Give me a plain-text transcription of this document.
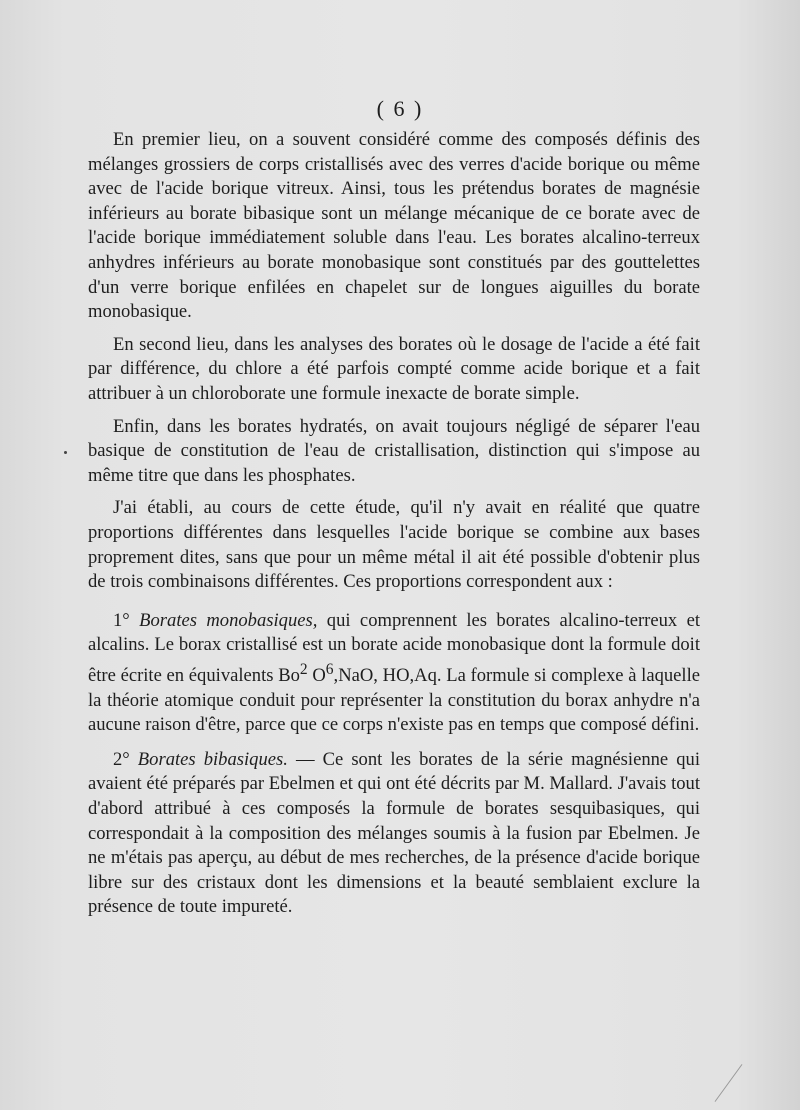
( 6 )

En premier lieu, on a souvent considéré comme des composés définis des mélanges grossiers de corps cristallisés avec des verres d'acide borique ou même avec de l'acide borique vitreux. Ainsi, tous les prétendus borates de magnésie inférieurs au borate bibasique sont un mélange mécanique de ce borate avec de l'acide borique immédiatement soluble dans l'eau. Les borates alcalino-terreux anhydres inférieurs au borate monobasique sont constitués par des gouttelettes d'un verre borique enfilées en chapelet sur de longues aiguilles du borate monobasique.

En second lieu, dans les analyses des borates où le dosage de l'acide a été fait par différence, du chlore a été parfois compté comme acide borique et a fait attribuer à un chloroborate une formule inexacte de borate simple.

Enfin, dans les borates hydratés, on avait toujours négligé de séparer l'eau basique de constitution de l'eau de cristallisation, distinction qui s'impose au même titre que dans les phosphates.

J'ai établi, au cours de cette étude, qu'il n'y avait en réalité que quatre proportions différentes dans lesquelles l'acide borique se combine aux bases proprement dites, sans que pour un même métal il ait été possible d'obtenir plus de trois combinaisons différentes. Ces proportions correspondent aux :

1° Borates monobasiques, qui comprennent les borates alcalino-terreux et alcalins. Le borax cristallisé est un borate acide monobasique dont la formule doit être écrite en équivalents Bo$^2$ $O^6,NaO$, HO,Aq. La formule si complexe à laquelle la théorie atomique conduit pour représenter la constitution du borax anhydre n'a aucune raison d'être, parce que ce corps n'existe pas en temps que composé défini.

2° Borates bibasiques. — Ce sont les borates de la série magnésienne qui avaient été préparés par Ebelmen et qui ont été décrits par M. Mallard. J'avais tout d'abord attribué à ces composés la formule de borates sesquibasiques, qui correspondait à la composition des mélanges soumis à la fusion par Ebelmen. Je ne m'étais pas aperçu, au début de mes recherches, de la présence d'acide borique libre sur des cristaux dont les dimensions et la beauté semblaient exclure la présence de toute impureté.
